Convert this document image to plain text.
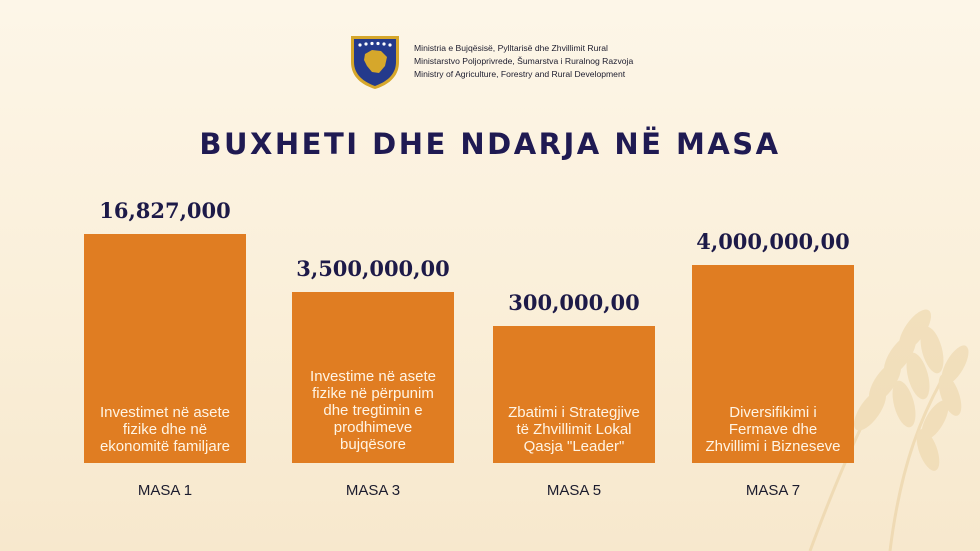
Ministria e Bujqësisë, Pylltarisë dhe Zhvillimit Rural
Ministarstvo Poljoprivrede, Šumarstva i Ruralnog Razvoja
Ministry of Agriculture, Forestry and Rural Development
BUXHETI DHE NDARJA NË MASA
16,827,000
Investimet në asete
fizike dhe në
ekonomitë familjare
MASA 1
3,500,000,00
Investime në asete
fizike në përpunim
dhe tregtimin e
prodhimeve
bujqësore
MASA 3
300,000,00
Zbatimi i Strategjive
të Zhvillimit Lokal
Qasja "Leader"
MASA 5
4,000,000,00
Diversifikimi i
Fermave dhe
Zhvillimi i Bizneseve
MASA 7
